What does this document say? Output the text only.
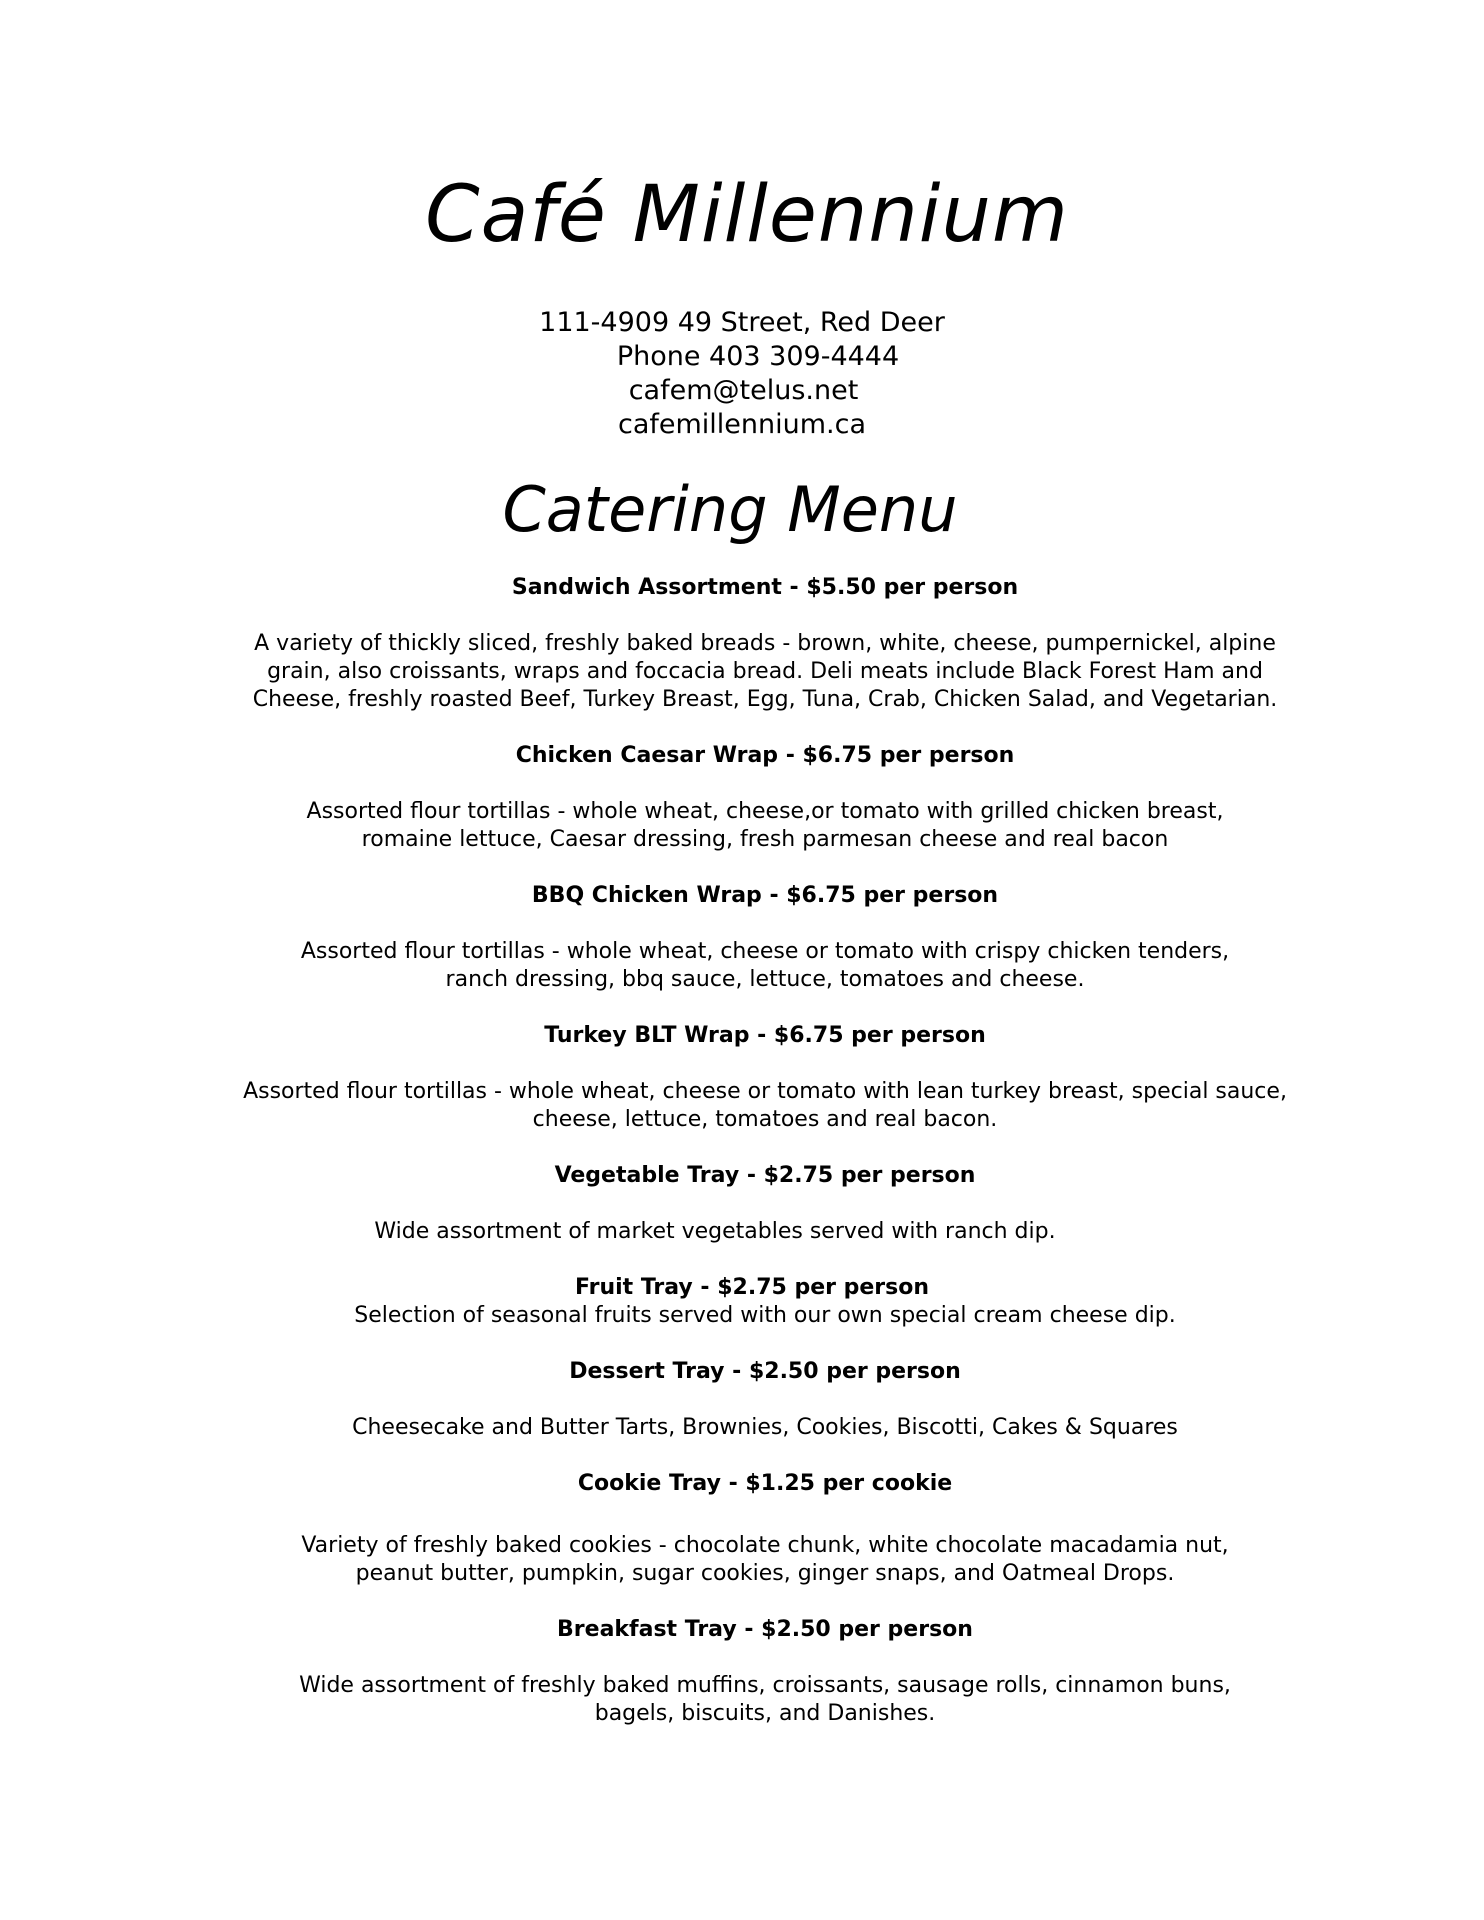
Café Millennium
111-4909 49 Street, Red Deer
Phone 403 309-4444
cafem@telus.net
cafemillennium.ca
Catering Menu

Sandwich Assortment - $5.50 per person

A variety of thickly sliced, freshly baked breads - brown, white, cheese, pumpernickel, alpine grain, also croissants, wraps and foccacia bread. Deli meats include Black Forest Ham and Cheese, freshly roasted Beef, Turkey Breast, Egg, Tuna, Crab, Chicken Salad, and Vegetarian.

Chicken Caesar Wrap - $6.75 per person

Assorted flour tortillas - whole wheat, cheese,or tomato with grilled chicken breast, romaine lettuce, Caesar dressing, fresh parmesan cheese and real bacon

BBQ Chicken Wrap - $6.75 per person

Assorted flour tortillas - whole wheat, cheese or tomato with crispy chicken tenders, ranch dressing, bbq sauce, lettuce, tomatoes and cheese.

Turkey BLT Wrap - $6.75 per person

Assorted flour tortillas - whole wheat, cheese or tomato with lean turkey breast, special sauce, cheese, lettuce, tomatoes and real bacon.

Vegetable Tray - $2.75 per person

Wide assortment of market vegetables served with ranch dip.

Fruit Tray - $2.75 per person

Selection of seasonal fruits served with our own special cream cheese dip.

Dessert Tray - $2.50 per person

Cheesecake and Butter Tarts, Brownies, Cookies, Biscotti, Cakes & Squares

Cookie Tray - $1.25 per cookie

Variety of freshly baked cookies - chocolate chunk, white chocolate macadamia nut, peanut butter, pumpkin, sugar cookies, ginger snaps, and Oatmeal Drops.

Breakfast Tray - $2.50 per person

Wide assortment of freshly baked muffins, croissants, sausage rolls, cinnamon buns, bagels, biscuits, and Danishes.
